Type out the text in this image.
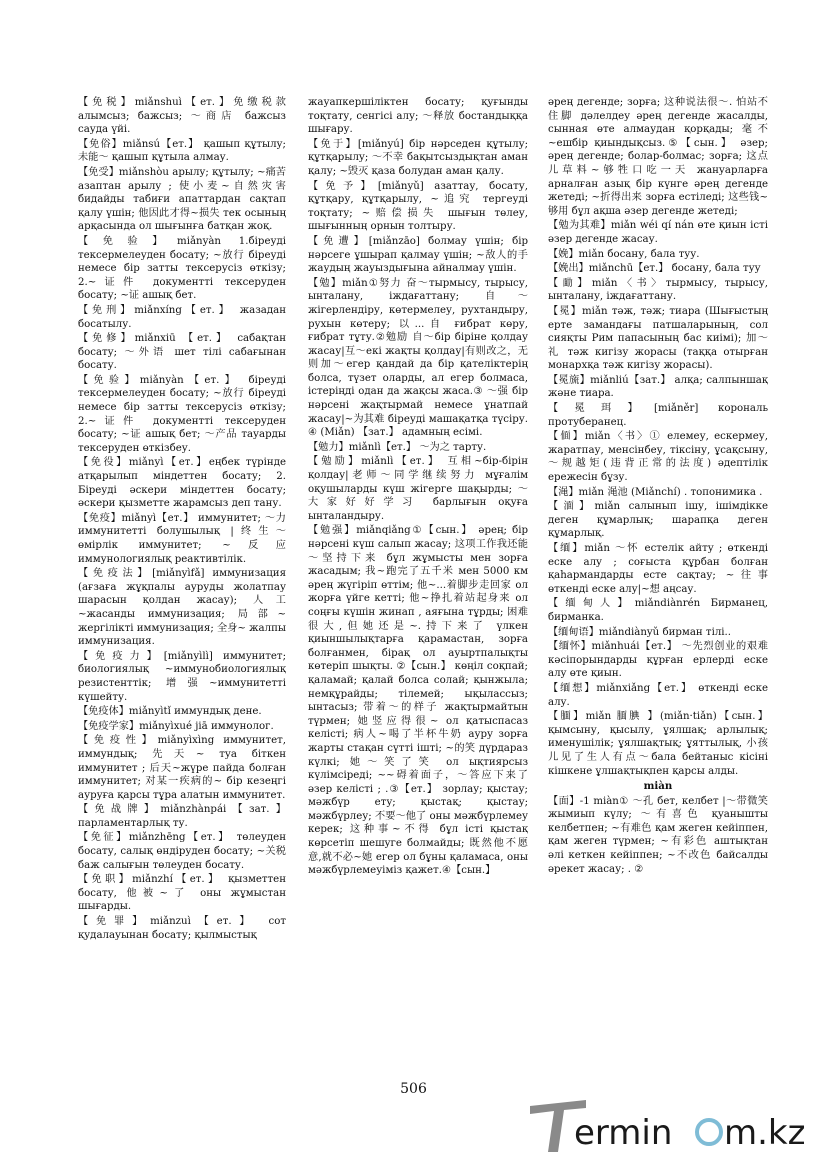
【免税】miǎnshuì【ет.】免缴税款 алымсыз; бажсыз; ～商店 бажсыз сауда үйі.
【免俗】miǎnsú【ет.】 қашып құтылу; 未能～ қашып құтыла алмау.
【免受】miǎnshòu арылу; құтылу; ~痛苦 азаптан арылу ; 使小麦~自然灾害 бидайды табиғи апаттардан сақтап қалу үшін; 他因此才得~损失 тек осының арқасында ол шығынға батқан жоқ.
【免验】miǎnyàn 1.біреуді тексермелеуден босату; ~放行 біреуді немесе бір затты тексерусіз өткізу; 2.~证件 документті тексеруден босату; ~证 ашық бет.
【免刑】miǎnxíng【ет.】 жазадан босатылу.
【免修】miǎnxiū 【ет.】 сабақтан босату; ～外语 шет тілі сабағынан босату.
【免验】miǎnyàn【ет.】 біреуді тексермелеуден босату; ~放行 біреуді немесе бір затты тексерусіз өткізу; 2.~证件 документті тексеруден босату; ~证 ашық бет; ～产品 тауарды тексеруден өткізбеу.
【免役】miǎnyì【ет.】еңбек түрінде атқарылып міндеттен босату; 2. Біреуді әскери міндеттен босату; әскери қызметте жарамсыз деп тану.
【免疫】miǎnyì【ет.】 иммунитет; ～力 иммунитетті болушылық |终生～өмірлік иммунитет; ~反应 иммунологиялық реактивтілік.
【免疫法】[miǎnyìfǎ] иммунизация (ағзаға жұқпалы ауруды жолатпау шарасын қолдан жасау); 人工~жасанды иммунизация; 局部~ жергілікті иммунизация; 全身~ жалпы иммунизация.
【免疫力】[miǎnyìlì] иммунитет; биологиялық ~иммунобиологиялық резистенттік; 增强~иммунитетті күшейту.
【免疫体】miǎnyìtǐ иммундық дене.
【免疫学家】miǎnyìxué jiā иммунолог.
【免疫性】miǎnyìxìng иммунитет, иммундық; 先天~ туа біткен иммунитет ; 后天~жүре пайда болған иммунитет; 对某一疾病的~ бір кезеңгі ауруға қарсы тұра алатын иммунитет.
【免战牌】miǎnzhànpái【зат.】 парламентарлық ту.
【免征】miǎnzhēng【ет.】 төлеуден босату, салық өндіруден босату; ~关税 баж салығын төлеуден босату.
【免职】miǎnzhí【ет.】 қызметтен босату, 他被~了 оны жұмыстан шығарды.
【免罪】miǎnzuì【ет.】 сот қудалауынан босату; қылмыстық
жауапкершіліктен босату; қуғынды тоқтату, сенгісі алу; ～释放 бостандыққа шығару.
【免于】[miǎnyú] бір нәрседен құтылу; құтқарылу; ～不幸 бақытсыздықтан аман қалу; ~毁灭 қаза болудан аман қалу.
【免予】[miǎnyǔ] азаттау, босату, құтқару, құтқарылу, ~追究 тергеуді тоқтату; ~赔偿损失 шығын төлеу, шығынның орнын толтыру.
【免遭】[miǎnzāo] болмау үшін; бір нәрсеге ұшырап қалмау үшін; ~敌人的手 жаудың жауыздығына айналмау үшін.
【勉】miǎn①努力 奋～тырмысу, тырысу, ынталану, іждағаттану; 自～жігерлендіру, көтермелеу, рухтандыру, рухын көтеру; 以...自 ғибрат көру, ғибрат тұту.②勉励 自～бір біріне қолдау жасау|互～екі жақты қолдау|有则改之，无则加～егер қандай да бір қателіктерің болса, түзет оларды, ал егер болмаса, істеріңді одан да жақсы жаса.③ ～强 бір нәрсені жақтырмай немесе ұнатпай жасау|~为其难 біреуді машақатқа түсіру. ④ (Miǎn) 【зат.】 адамның есімі.
【勉力】miǎnlì【ет.】 ～为之 тарту.
【勉励】miǎnlì【ет.】 互相~бір-бірін қолдау|老师～同学继续努力 мұғалім оқушыларды күш жігерге шақырды; ～大家好好学习 барлығын оқуға ынталандыру.
【勉强】miǎnqiǎng①【сын.】 әрең; бір нәрсені күш салып жасау; 这项工作我还能～坚持下来 бұл жұмысты мен зорға жасадым; 我~跑完了五千米 мен 5000 км әрең жүгіріп өттім; 他~...着脚步走回家 ол жорға үйге кетті; 他~挣扎着站起身来 ол соңғы күшін жинап , аяғына тұрды; 困难很大,但她还是~.持下来了 үлкен қиыншылықтарға қарамастан, зорға болғанмен, бірақ ол ауыртпалықты көтеріп шықты. ②【сын.】 көңіл соқпай; қаламай; қалай болса солай; қынжыла; немқұрайды; тілемей; ықылассыз; ынтасыз; 带着～的样子 жақтырмайтын түрмен; 她竖应得很~ ол қатыспасаз келісті; 病人~喝了半杯牛奶 ауру зорға жарты стақан сүтті ішті; ~的笑 дүрдараз күлкі; 她～笑了笑 ол ықтиярсыз күлімсіреді; ~~碍着面子，～答应下来了 әзер келісті ; .③【ет.】 зорлау; қыстау; мәжбүр ету; қыстақ; қыстау; мәжбүрлеу; 不要～他了 оны мәжбүрлемеу керек; 这种事~不得 бұл істі қыстақ көрсетіп шешуге болмайды; 既然他不愿意,就不必~她 егер ол бұны қаламаса, оны мәжбүрлемеуіміз қажет.④【сын.】
әрең дегенде; зорға; 这种说法很～. 怕站不住脚 дәлелдеу әрең дегенде жасалды, сынная өте алмаудан қорқады; 毫不~ешбір қиындықсыз.⑤【сын.】 әзер; әрең дегенде; болар-болмас; зорға; 这点儿草料~够牲口吃一天 жануарларға арналған азық бір күнге әрең дегенде жетеді; ~折得出来 зорға естіледі; 这些钱~够用 бұл ақша әзер дегенде жетеді;
【勉为其难】miǎn wéi qí nán өте қиын істі әзер дегенде жасау.
【娩】miǎn босану, бала туу.
【娩出】miǎnchū【ет.】 босану, бала туу
【勔】miǎn〈书〉тырмысу, тырысу, ынталану, іждағаттану.
【冕】miǎn тәж, тәж; тиара (Шығыстың ерте замандағы патшаларының, сол сияқты Рим папасының бас киімі); 加～礼 тәж кигізу жорасы (таққа отырған монархқа тәж кигізу жорасы).
【冕旒】miǎnliú【зат.】 алқа; салпыншақ және тиара.
【冕珥】[miǎněr] корональ протуберанец.
【偭】miǎn〈书〉① елемеу, ескермеу, жаратпау, менсінбеу, тіксіну, ұсақсыну, ～规越矩(违背正常的法度) әдептілік ережесін бұзу.
【渑】miǎn 渑池 (Miǎnchí) . топонимика .
【湎】miǎn салынып ішу, ішімдікке деген құмарлық; шарапқа деген құмарлық.
【缅】miǎn ～怀 естелік айту ; өткенді еске алу ; соғыста құрбан болған қаһармандарды есте сақтау; ~往事 өткенді еске алу|~想 аңсау.
【缅甸人】miǎndiànrén Бирманец, бирманка.
【缅甸语】miǎndiànyǔ бирман тілі..
【缅怀】miǎnhuái【ет.】 ～先烈创业的艰难 кәсіпорындарды құрған ерлерді еске алу өте қиын.
【缅想】miǎnxiǎng【ет.】 өткенді еске алу.
【腼】miǎn 腼腆 】(miǎn·tiǎn)【сын.】 қымсыну, қысылу, ұялшақ; арлылық; именушілік; ұялшақтық; ұяттылық, 小孩儿见了生人有点～бала бейтаныс кісіні кішкене ұлшақтықпен қарсы алды.
miàn
【面】-1 miàn① ～孔 бет, келбет |～带微笑 жымиып күлу; ～有喜色 қуанышты келбетпен; ~有难色 қам жеген кейіппен, қам жеген түрмен; ~有彩色 аштықтан әлі кеткен кейіппен; ~不改色 байсалды әрекет жасау; . ②
506
ermin m.kz
